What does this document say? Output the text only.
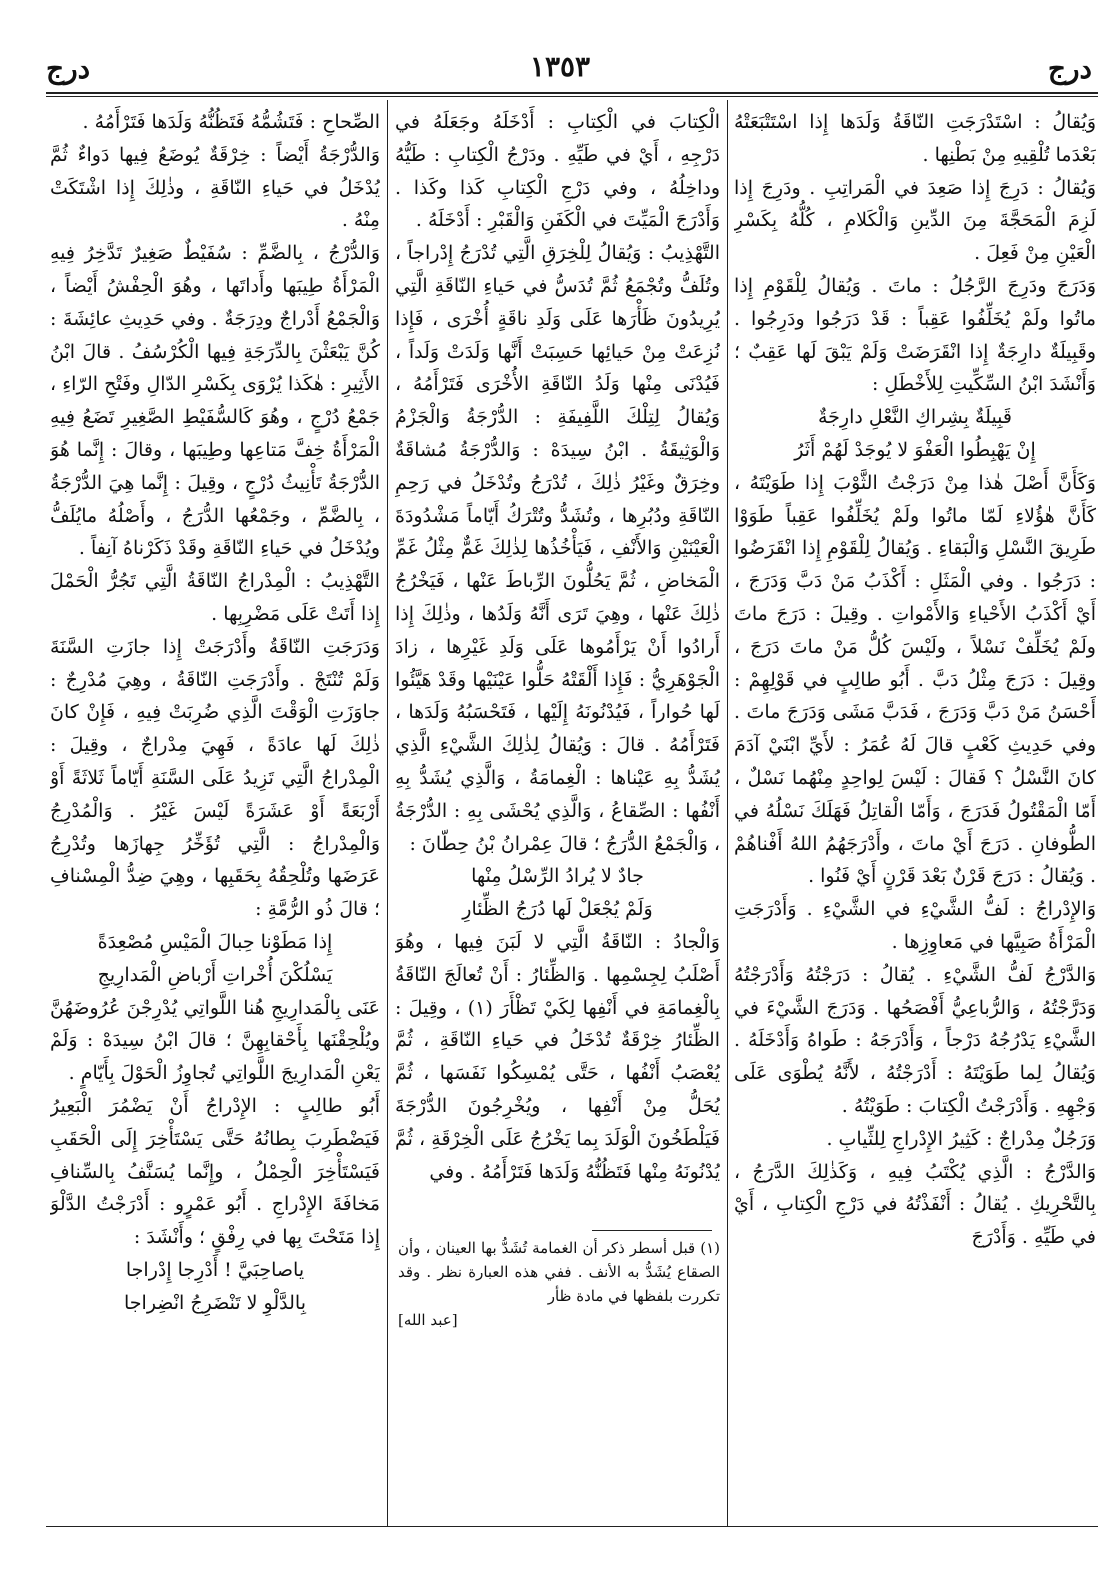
درج
١٣٥٣
درج

وَيُقالُ : اسْتَدْرَجَتِ النّاقَةُ وَلَدَها إِذا اسْتَتْبَعَتْهُ بَعْدَما تُلْقِيهِ مِنْ بَطْنِها .

وَيُقالُ : دَرِجَ إِذا صَعِدَ في الْمَراتِبِ . ودَرِجَ إِذا لَزِمَ الْمَحَجَّةَ مِنَ الدِّينِ وَالْكَلامِ ، كُلُّهُ بِكَسْرِ الْعَيْنِ مِنْ فَعِلَ .

وَدَرَجَ ودَرِجَ الرَّجُلُ : ماتَ . وَيُقالُ لِلْقَوْمِ إِذا ماتُوا ولَمْ يُخَلِّفُوا عَقِباً : قَدْ دَرَجُوا ودَرِجُوا . وقَبِيلَةٌ دارِجَةٌ إِذا انْقَرَضَتْ وَلَمْ يَبْقَ لَها عَقِبٌ ؛ وَأَنْشَدَ ابْنُ السِّكِّيتِ لِلأَخْطَلِ :

قَبِيلَةٌ بِشِراكِ النَّعْلِ دارِجَةٌ

إِنْ يَهْبِطُوا الْعَفْوَ لا يُوجَدْ لَهُمْ أَثَرُ

وَكَأَنَّ أَصْلَ هٰذا مِنْ دَرَجْتُ الثَّوْبَ إِذا طَوَيْتَهُ ، كَأَنَّ هٰؤُلاءِ لَمّا ماتُوا ولَمْ يُخَلِّفُوا عَقِباً طَوَوْا طَرِيقَ النَّسْلِ وَالْبَقاءِ . وَيُقالُ لِلْقَوْمِ إِذا انْقَرَضُوا : دَرَجُوا . وفي الْمَثَلِ : أَكْذَبُ مَنْ دَبَّ وَدَرَجَ ، أَيْ أَكْذَبُ الأَحْياءِ وَالأَمْواتِ . وقِيلَ : دَرَجَ ماتَ ولَمْ يُخَلِّفْ نَسْلاً ، ولَيْسَ كُلُّ مَنْ ماتَ دَرَجَ ، وقِيلَ : دَرَجَ مِثْلُ دَبَّ . أَبُو طالِبٍ في قَوْلِهِمْ : أَحْسَنُ مَنْ دَبَّ وَدَرَجَ ، فَدَبَّ مَشَى وَدَرَجَ ماتَ . وفي حَدِيثِ كَعْبٍ قالَ لَهُ عُمَرُ : لأَيِّ ابْنَيْ آدَمَ كانَ النَّسْلُ ؟ فَقالَ : لَيْسَ لِواحِدٍ مِنْهُما نَسْلٌ ، أَمّا الْمَقْتُولُ فَدَرَجَ ، وَأَمّا الْقاتِلُ فَهَلَكَ نَسْلُهُ في الطُّوفانِ . دَرَجَ أَيْ ماتَ ، وأَدْرَجَهُمُ اللهُ أَفْناهُمْ . وَيُقالُ : دَرَجَ قَرْنٌ بَعْدَ قَرْنٍ أَيْ فَنُوا .

وَالإِدْراجُ : لَفُّ الشَّيْءِ في الشَّيْءِ . وَأَدْرَجَتِ الْمَرْأَةُ صَبِيَّها في مَعاوِزِها .

وَالدَّرْجُ لَفُّ الشَّيْءِ . يُقالُ : دَرَجْتُهُ وَأَدْرَجْتُهُ وَدَرَّجْتُهُ ، وَالرُّباعِيُّ أَفْصَحُها . وَدَرَجَ الشَّيْءَ في الشَّيْءِ يَدْرُجُهُ دَرْجاً ، وَأَدْرَجَهُ : طَواهُ وَأَدْخَلَهُ . وَيُقالُ لِما طَوَيْتَهُ : أَدْرَجْتُهُ ، لأَنَّهُ يُطْوَى عَلَى وَجْهِهِ . وَأَدْرَجْتُ الْكِتابَ : طَوَيْتُهُ .

وَرَجُلٌ مِدْراجٌ : كَثِيرُ الإِدْراجِ لِلثِّيابِ .

وَالدَّرْجُ : الَّذِي يُكْتَبُ فِيهِ ، وَكَذٰلِكَ الدَّرَجُ ، بِالتَّحْرِيكِ . يُقالُ : أَنْفَذْتُهُ في دَرْجِ الْكِتابِ ، أَيْ في طَيِّهِ . وَأَدْرَجَ

الْكِتابَ في الْكِتابِ : أَدْخَلَهُ وجَعَلَهُ في دَرْجِهِ ، أَيْ في طَيِّهِ . ودَرْجُ الْكِتابِ : طَيُّهُ وداخِلُهُ ، وفي دَرْجِ الْكِتابِ كَذا وكَذا . وَأَدْرَجَ الْمَيِّتَ في الْكَفَنِ وَالْقَبْرِ : أَدْخَلَهُ .

التَّهْذِيبُ : وَيُقالُ لِلْخِرَقِ الَّتِي تُدْرَجُ إِدْراجاً ، وتُلَفُّ وتُجْمَعُ ثُمَّ تُدَسُّ في حَياءِ النّاقَةِ الَّتِي يُرِيدُونَ ظَأْرَها عَلَى وَلَدِ ناقَةٍ أُخْرَى ، فَإِذا نُزِعَتْ مِنْ حَيائِها حَسِبَتْ أَنَّها وَلَدَتْ وَلَداً ، فَيُدْنَى مِنْها وَلَدُ النّاقَةِ الأُخْرَى فَتَرْأَمُهُ ، وَيُقالُ لِتِلْكَ اللَّفِيفَةِ : الدُّرْجَةُ وَالْجَزْمُ وَالْوَثِيقَةُ . ابْنُ سِيدَهْ : وَالدُّرْجَةُ مُشاقَةٌ وخِرَقٌ وغَيْرُ ذٰلِكَ ، تُدْرَجُ وتُدْخَلُ في رَحِمِ النّاقَةِ ودُبُرِها ، وتُشَدُّ وتُتْرَكُ أَيّاماً مَشْدُودَةَ الْعَيْنَيْنِ وَالأَنْفِ ، فَيَأْخُذُها لِذٰلِكَ غَمٌّ مِثْلُ غَمِّ الْمَخاضِ ، ثُمَّ يَحُلُّونَ الرِّباطَ عَنْها ، فَيَخْرُجُ ذٰلِكَ عَنْها ، وهِيَ تَرَى أَنَّهُ وَلَدُها ، وذٰلِكَ إِذا أَرادُوا أَنْ يَرْأَمُوها عَلَى وَلَدِ غَيْرِها ، زادَ الْجَوْهَرِيُّ : فَإِذا أَلْقَتْهُ حَلُّوا عَيْنَيْها وقَدْ هَيَّئُوا لَها حُواراً ، فَيُدْنُونَهُ إِلَيْها ، فَتَحْسَبُهُ وَلَدَها ، فَتَرْأَمُهُ . قالَ : وَيُقالُ لِذٰلِكَ الشَّيْءِ الَّذِي يُشَدُّ بِهِ عَيْناها : الْغِمامَةُ ، وَالَّذِي يُشَدُّ بِهِ أَنْفُها : الصِّقاعُ ، وَالَّذِي يُحْشَى بِهِ : الدُّرْجَةُ ، وَالْجَمْعُ الدُّرَجُ ؛ قالَ عِمْرانُ بْنُ حِطّانَ :

جادٌ لا يُرادُ الرِّسْلُ مِنْها

وَلَمْ يُجْعَلْ لَها دُرَجُ الظِّئارِ

وَالْجادُ : النّاقَةُ الَّتِي لا لَبَنَ فِيها ، وهُوَ أَصْلَبُ لِجِسْمِها . وَالظِّئارُ : أَنْ تُعالَجَ النّاقَةُ بِالْغِمامَةِ في أَنْفِها لِكَيْ تَظْأَرَ (١) ، وقِيلَ : الظِّئارُ خِرْقَةٌ تُدْخَلُ في حَياءِ النّاقَةِ ، ثُمَّ يُعْصَبُ أَنْفُها ، حَتَّى يُمْسِكُوا نَفَسَها ، ثُمَّ يُحَلُّ مِنْ أَنْفِها ، ويُخْرِجُونَ الدُّرْجَةَ فَيَلْطَخُونَ الْوَلَدَ بِما يَخْرُجُ عَلَى الْخِرْقَةِ ، ثُمَّ يُدْنُونَهُ مِنْها فَتَظُنُّهُ وَلَدَها فَتَرْأَمُهُ . وفي

(١) قبل أسطر ذكر أن الغمامة تُشَدُّ بها العينان ، وأن الصقاع يُشَدُّ به الأنف . ففي هذه العبارة نظر . وقد تكررت بلفظها في مادة ظأر

[عبد الله]

الصِّحاحِ : فَتَشُمُّهُ فَتَظُنُّهُ وَلَدَها فَتَرْأَمُهُ .

وَالدُّرْجَةُ أَيْضاً : خِرْقَةٌ يُوضَعُ فِيها دَواءٌ ثُمَّ يُدْخَلُ في حَياءِ النّاقَةِ ، وذٰلِكَ إِذا اشْتَكَتْ مِنْهُ .

وَالدُّرْجُ ، بِالضَّمِّ : سُفَيْطٌ صَغِيرٌ تَدَّخِرُ فِيهِ الْمَرْأَةُ طِيبَها وأَداتَها ، وهُوَ الْحِفْشُ أَيْضاً ، وَالْجَمْعُ أَدْراجٌ ودِرَجَةٌ . وفي حَدِيثِ عائِشَةَ : كُنَّ يَبْعَثْنَ بِالدِّرَجَةِ فِيها الْكُرْسُفُ . قالَ ابْنُ الأَثِيرِ : هٰكَذا يُرْوَى بِكَسْرِ الدّالِ وفَتْحِ الرّاءِ ، جَمْعُ دُرْجٍ ، وهُوَ كَالسُّفَيْطِ الصَّغِيرِ تَضَعُ فِيهِ الْمَرْأَةُ خِفَّ مَتاعِها وطِيبَها ، وقالَ : إِنَّما هُوَ الدُّرْجَةُ تَأْنِيثُ دُرْجٍ ، وقِيلَ : إِنَّما هِيَ الدُّرْجَةُ ، بِالضَّمِّ ، وجَمْعُها الدُّرَجُ ، وأَصْلُهُ مايُلَفُّ ويُدْخَلُ في حَياءِ النّاقَةِ وقَدْ ذَكَرْناهُ آنِفاً .

التَّهْذِيبُ : الْمِدْراجُ النّاقَةُ الَّتِي تَجُرُّ الْحَمْلَ إِذا أَتَتْ عَلَى مَضْرِبِها .

وَدَرَجَتِ النّاقَةُ وأَدْرَجَتْ إِذا جازَتِ السَّنَةَ وَلَمْ تُنْتَجْ . وأَدْرَجَتِ النّاقَةُ ، وهِيَ مُدْرِجٌ : جاوَزَتِ الْوَقْتَ الَّذِي ضُرِبَتْ فِيهِ ، فَإِنْ كانَ ذٰلِكَ لَها عادَةً ، فَهِيَ مِدْراجٌ ، وقِيلَ : الْمِدْراجُ الَّتِي تَزِيدُ عَلَى السَّنَةِ أَيّاماً ثَلاثَةً أَوْ أَرْبَعَةً أَوْ عَشَرَةً لَيْسَ غَيْرُ . وَالْمُدْرِجُ وَالْمِدْراجُ : الَّتِي تُؤَخِّرُ جِهازَها وتُدْرِجُ عَرَضَها وتُلْحِقُهُ بِحَقَبِها ، وهِيَ ضِدُّ الْمِسْنافِ ؛ قالَ ذُو الرُّمَّةِ :

إِذا مَطَوْنا حِبالَ الْمَيْسِ مُصْعِدَةً

يَسْلُكْنَ أُخْراتِ أَرْباضِ الْمَدارِيجِ

عَنَى بِالْمَدارِيجِ هُنا اللَّواتِي يُدْرِجْنَ عُرُوضَهُنَّ ويُلْحِقْنَها بِأَحْقابِهِنَّ ؛ قالَ ابْنُ سِيدَهْ : وَلَمْ يَعْنِ الْمَدارِيجَ اللَّواتِي تُجاوِزُ الْحَوْلَ بِأَيّامٍ .

أَبُو طالِبٍ : الإِدْراجُ أَنْ يَضْمُرَ الْبَعِيرُ فَيَضْطَرِبَ بِطانُهُ حَتَّى يَسْتَأْخِرَ إِلَى الْحَقَبِ فَيَسْتَأْخِرَ الْحِمْلُ ، وإِنَّما يُسَنَّفُ بِالسِّنافِ مَخافَةَ الإِدْراجِ . أَبُو عَمْرٍو : أَدْرَجْتُ الدَّلْوَ إِذا مَتَحْتَ بِها في رِفْقٍ ؛ وأَنْشَدَ :

ياصاحِبَيَّ ! أَدْرِجا إِدْراجا

بِالدَّلْوِ لا تَنْضَرِجُ انْضِراجا
